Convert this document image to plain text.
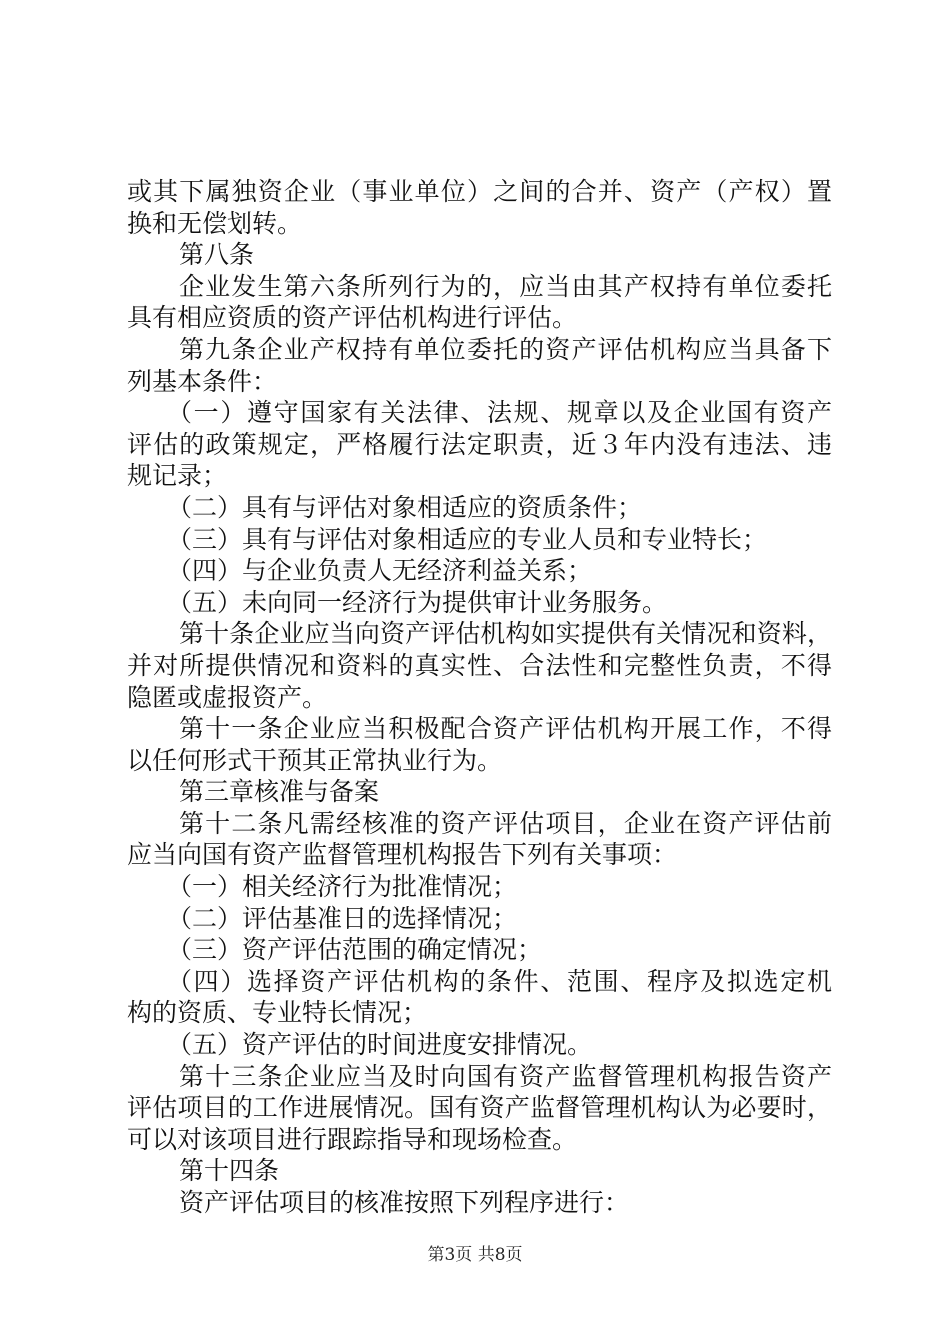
或其下属独资企业（事业单位）之间的合并、资产（产权）置
换和无偿划转。
第八条
企业发生第六条所列行为的，应当由其产权持有单位委托
具有相应资质的资产评估机构进行评估。
第九条企业产权持有单位委托的资产评估机构应当具备下
列基本条件：
（一）遵守国家有关法律、法规、规章以及企业国有资产
评估的政策规定，严格履行法定职责，近３年内没有违法、违
规记录；
（二）具有与评估对象相适应的资质条件；
（三）具有与评估对象相适应的专业人员和专业特长；
（四）与企业负责人无经济利益关系；
（五）未向同一经济行为提供审计业务服务。
第十条企业应当向资产评估机构如实提供有关情况和资料，
并对所提供情况和资料的真实性、合法性和完整性负责，不得
隐匿或虚报资产。
第十一条企业应当积极配合资产评估机构开展工作，不得
以任何形式干预其正常执业行为。
第三章核准与备案
第十二条凡需经核准的资产评估项目，企业在资产评估前
应当向国有资产监督管理机构报告下列有关事项：
（一）相关经济行为批准情况；
（二）评估基准日的选择情况；
（三）资产评估范围的确定情况；
（四）选择资产评估机构的条件、范围、程序及拟选定机
构的资质、专业特长情况；
（五）资产评估的时间进度安排情况。
第十三条企业应当及时向国有资产监督管理机构报告资产
评估项目的工作进展情况。国有资产监督管理机构认为必要时，
可以对该项目进行跟踪指导和现场检查。
第十四条
资产评估项目的核准按照下列程序进行：
第3页 共8页
